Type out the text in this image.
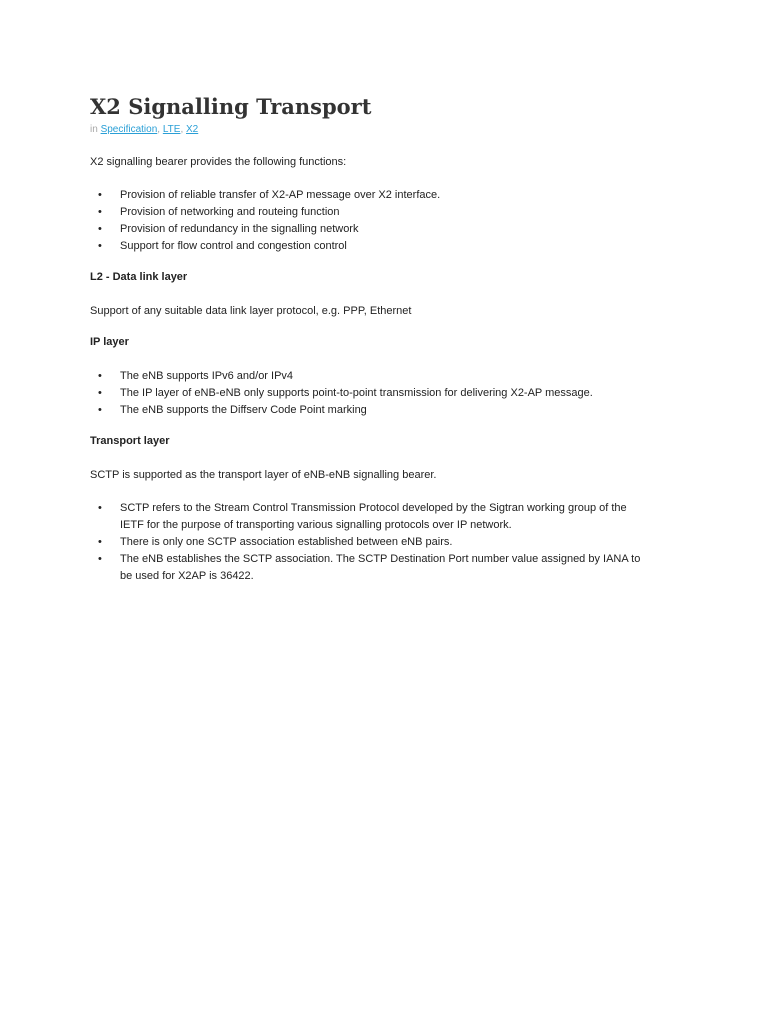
X2 Signalling Transport
in Specification, LTE, X2

X2 signalling bearer provides the following functions:

• Provision of reliable transfer of X2-AP message over X2 interface.
• Provision of networking and routeing function
• Provision of redundancy in the signalling network
• Support for flow control and congestion control
L2 - Data link layer

Support of any suitable data link layer protocol, e.g. PPP, Ethernet

IP layer
• The eNB supports IPv6 and/or IPv4
• The IP layer of eNB-eNB only supports point-to-point transmission for delivering X2-AP message.
• The eNB supports the Diffserv Code Point marking
Transport layer

SCTP is supported as the transport layer of eNB-eNB signalling bearer.

• SCTP refers to the Stream Control Transmission Protocol developed by the Sigtran working group of the
IETF for the purpose of transporting various signalling protocols over IP network.
• There is only one SCTP association established between eNB pairs.
• The eNB establishes the SCTP association. The SCTP Destination Port number value assigned by IANA to
be used for X2AP is 36422.
